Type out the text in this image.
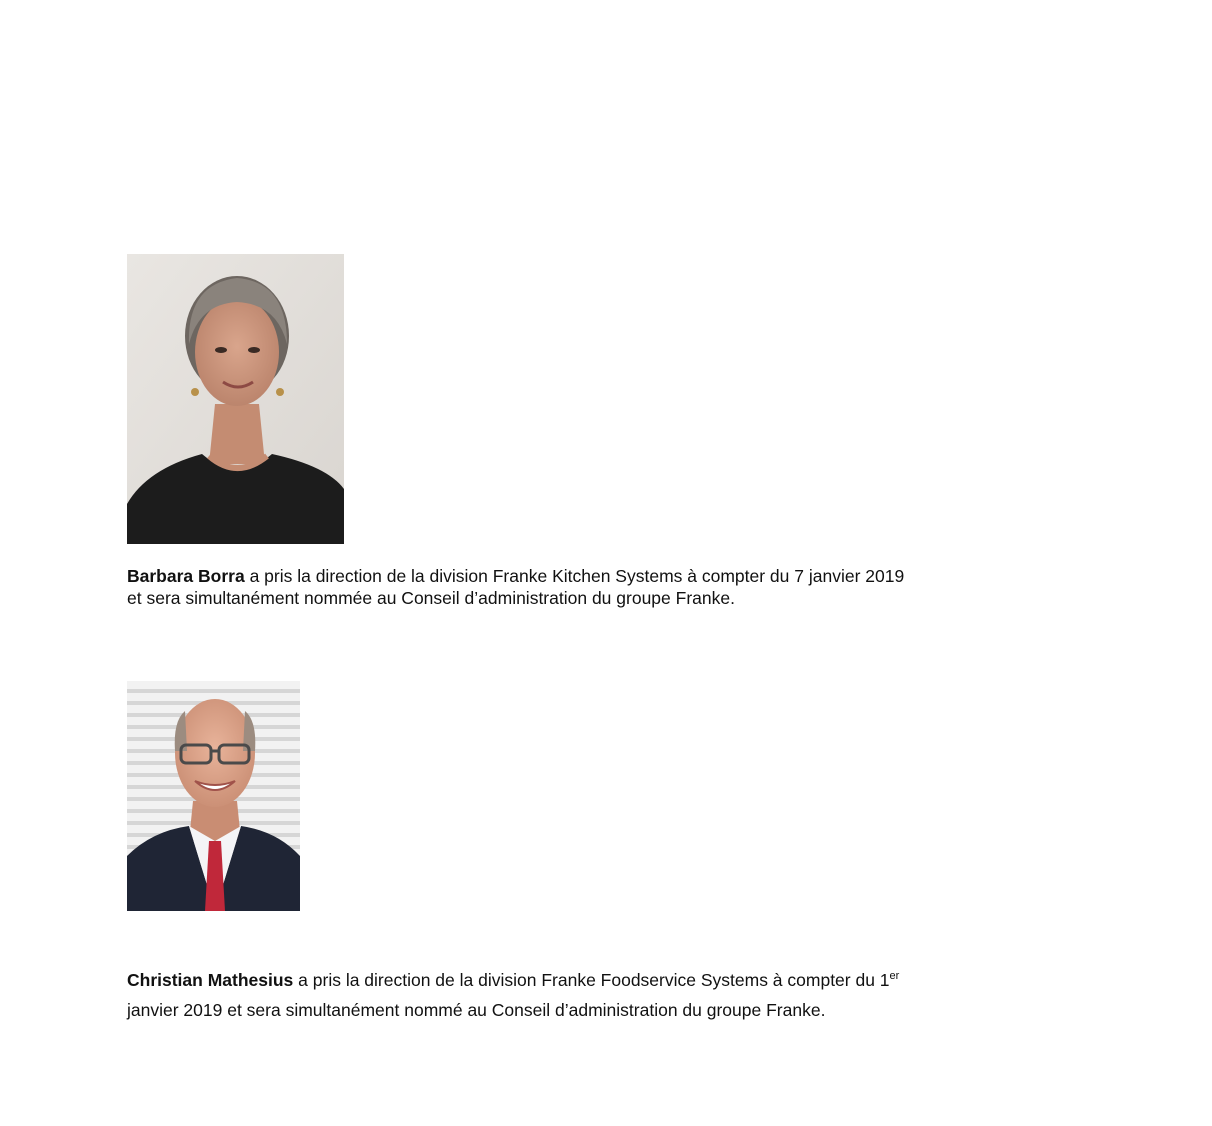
Barbara Borra a pris la direction de la division Franke Kitchen Systems à compter du 7 janvier 2019
et sera simultanément nommée au Conseil d’administration du groupe Franke.

Christian Mathesius a pris la direction de la division Franke Foodservice Systems à compter du 1er
janvier 2019 et sera simultanément nommé au Conseil d’administration du groupe Franke.
